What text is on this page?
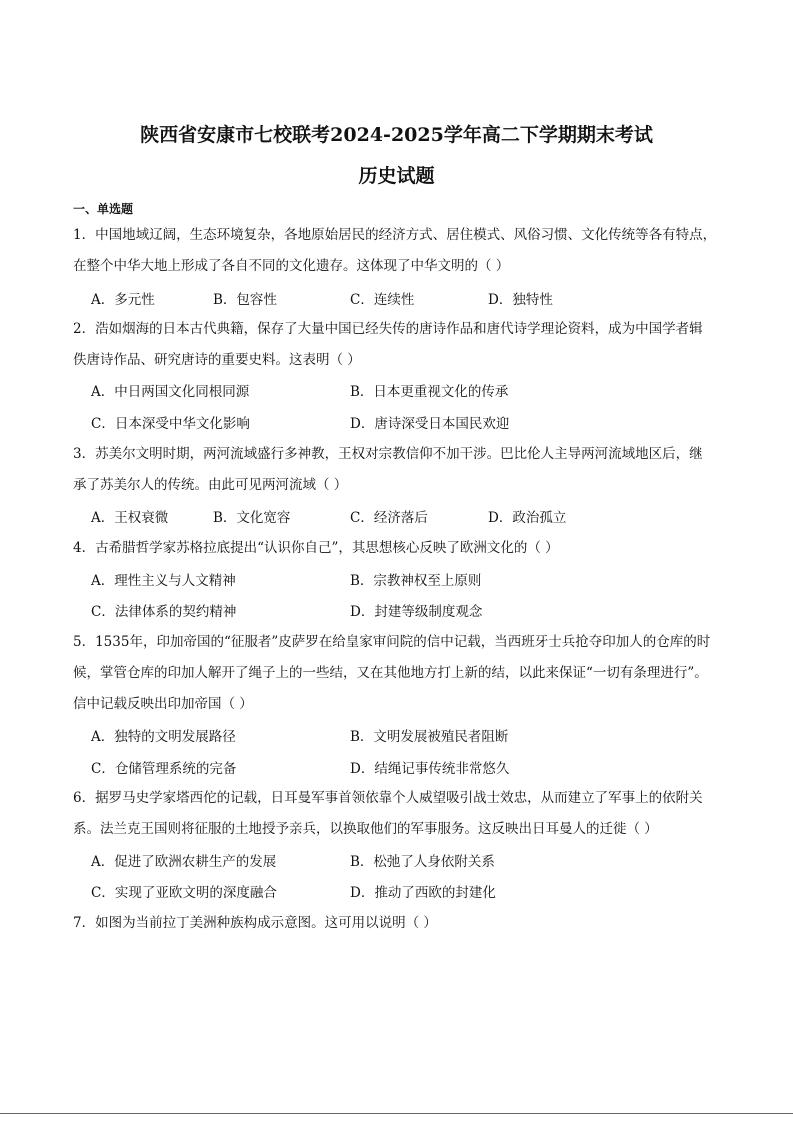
陕西省安康市七校联考2024-2025学年高二下学期期末考试
历史试题
一、单选题
1．中国地域辽阔，生态环境复杂，各地原始居民的经济方式、居住模式、风俗习惯、文化传统等各有特点，
在整个中华大地上形成了各自不同的文化遗存。这体现了中华文明的（ ）
A．多元性	B．包容性	C．连续性	D．独特性
2．浩如烟海的日本古代典籍，保存了大量中国已经失传的唐诗作品和唐代诗学理论资料，成为中国学者辑
佚唐诗作品、研究唐诗的重要史料。这表明（ ）
A．中日两国文化同根同源	B．日本更重视文化的传承
C．日本深受中华文化影响	D．唐诗深受日本国民欢迎
3．苏美尔文明时期，两河流域盛行多神教，王权对宗教信仰不加干涉。巴比伦人主导两河流域地区后，继
承了苏美尔人的传统。由此可见两河流域（ ）
A．王权衰微	B．文化宽容	C．经济落后	D．政治孤立
4．古希腊哲学家苏格拉底提出“认识你自己”，其思想核心反映了欧洲文化的（ ）
A．理性主义与人文精神	B．宗教神权至上原则
C．法律体系的契约精神	D．封建等级制度观念
5．1535年，印加帝国的“征服者”皮萨罗在给皇家审问院的信中记载，当西班牙士兵抢夺印加人的仓库的时
候，掌管仓库的印加人解开了绳子上的一些结，又在其他地方打上新的结，以此来保证“一切有条理进行”。
信中记载反映出印加帝国（ ）
A．独特的文明发展路径	B．文明发展被殖民者阻断
C．仓储管理系统的完备	D．结绳记事传统非常悠久
6．据罗马史学家塔西佗的记载，日耳曼军事首领依靠个人威望吸引战士效忠，从而建立了军事上的依附关
系。法兰克王国则将征服的土地授予亲兵，以换取他们的军事服务。这反映出日耳曼人的迁徙（ ）
A．促进了欧洲农耕生产的发展	B．松弛了人身依附关系
C．实现了亚欧文明的深度融合	D．推动了西欧的封建化
7．如图为当前拉丁美洲种族构成示意图。这可用以说明（ ）
